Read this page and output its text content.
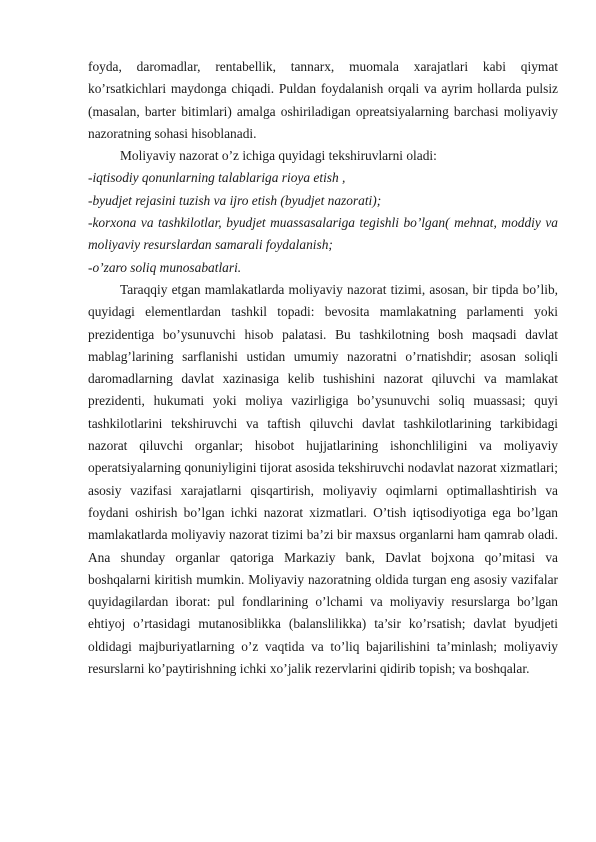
foyda, daromadlar, rentabellik, tannarx, muomala xarajatlari kabi qiymat ko’rsatkichlari maydonga chiqadi. Puldan foydalanish orqali va ayrim hollarda pulsiz (masalan, barter bitimlari) amalga oshiriladigan opreatsiyalarning barchasi moliyaviy nazoratning sohasi hisoblanadi.

Moliyaviy nazorat o’z ichiga quyidagi tekshiruvlarni oladi:

-iqtisodiy qonunlarning talablariga rioya etish ,

-byudjet rejasini tuzish va ijro etish (byudjet nazorati);

-korxona va tashkilotlar, byudjet muassasalariga tegishli bo’lgan( mehnat, moddiy va moliyaviy resurslardan samarali foydalanish;

-o’zaro soliq munosabatlari.

Taraqqiy etgan mamlakatlarda moliyaviy nazorat tizimi, asosan, bir tipda bo’lib, quyidagi elementlardan tashkil topadi: bevosita mamlakatning parlamenti yoki prezidentiga bo’ysunuvchi hisob palatasi. Bu tashkilotning bosh maqsadi davlat mablag’larining sarflanishi ustidan umumiy nazoratni o’rnatishdir; asosan soliqli daromadlarning davlat xazinasiga kelib tushishini nazorat qiluvchi va mamlakat prezidenti, hukumati yoki moliya vazirligiga bo’ysunuvchi soliq muassasi; quyi tashkilotlarini tekshiruvchi va taftish qiluvchi davlat tashkilotlarining tarkibidagi nazorat qiluvchi organlar; hisobot hujjatlarining ishonchliligini va moliyaviy operatsiyalarning qonuniyligini tijorat asosida tekshiruvchi nodavlat nazorat xizmatlari; asosiy vazifasi xarajatlarni qisqartirish, moliyaviy oqimlarni optimallashtirish va foydani oshirish bo’lgan ichki nazorat xizmatlari. O’tish iqtisodiyotiga ega bo’lgan mamlakatlarda moliyaviy nazorat tizimi ba’zi bir maxsus organlarni ham qamrab oladi. Ana shunday organlar qatoriga Markaziy bank, Davlat bojxona qo’mitasi va boshqalarni kiritish mumkin. Moliyaviy nazoratning oldida turgan eng asosiy vazifalar quyidagilardan iborat: pul fondlarining o’lchami va moliyaviy resurslarga bo’lgan ehtiyoj o’rtasidagi mutanosiblikka (balanslilikka) ta’sir ko’rsatish; davlat byudjeti oldidagi majburiyatlarning o’z vaqtida va to’liq bajarilishini ta’minlash; moliyaviy resurslarni ko’paytirishning ichki xo’jalik rezervlarini qidirib topish; va boshqalar.
